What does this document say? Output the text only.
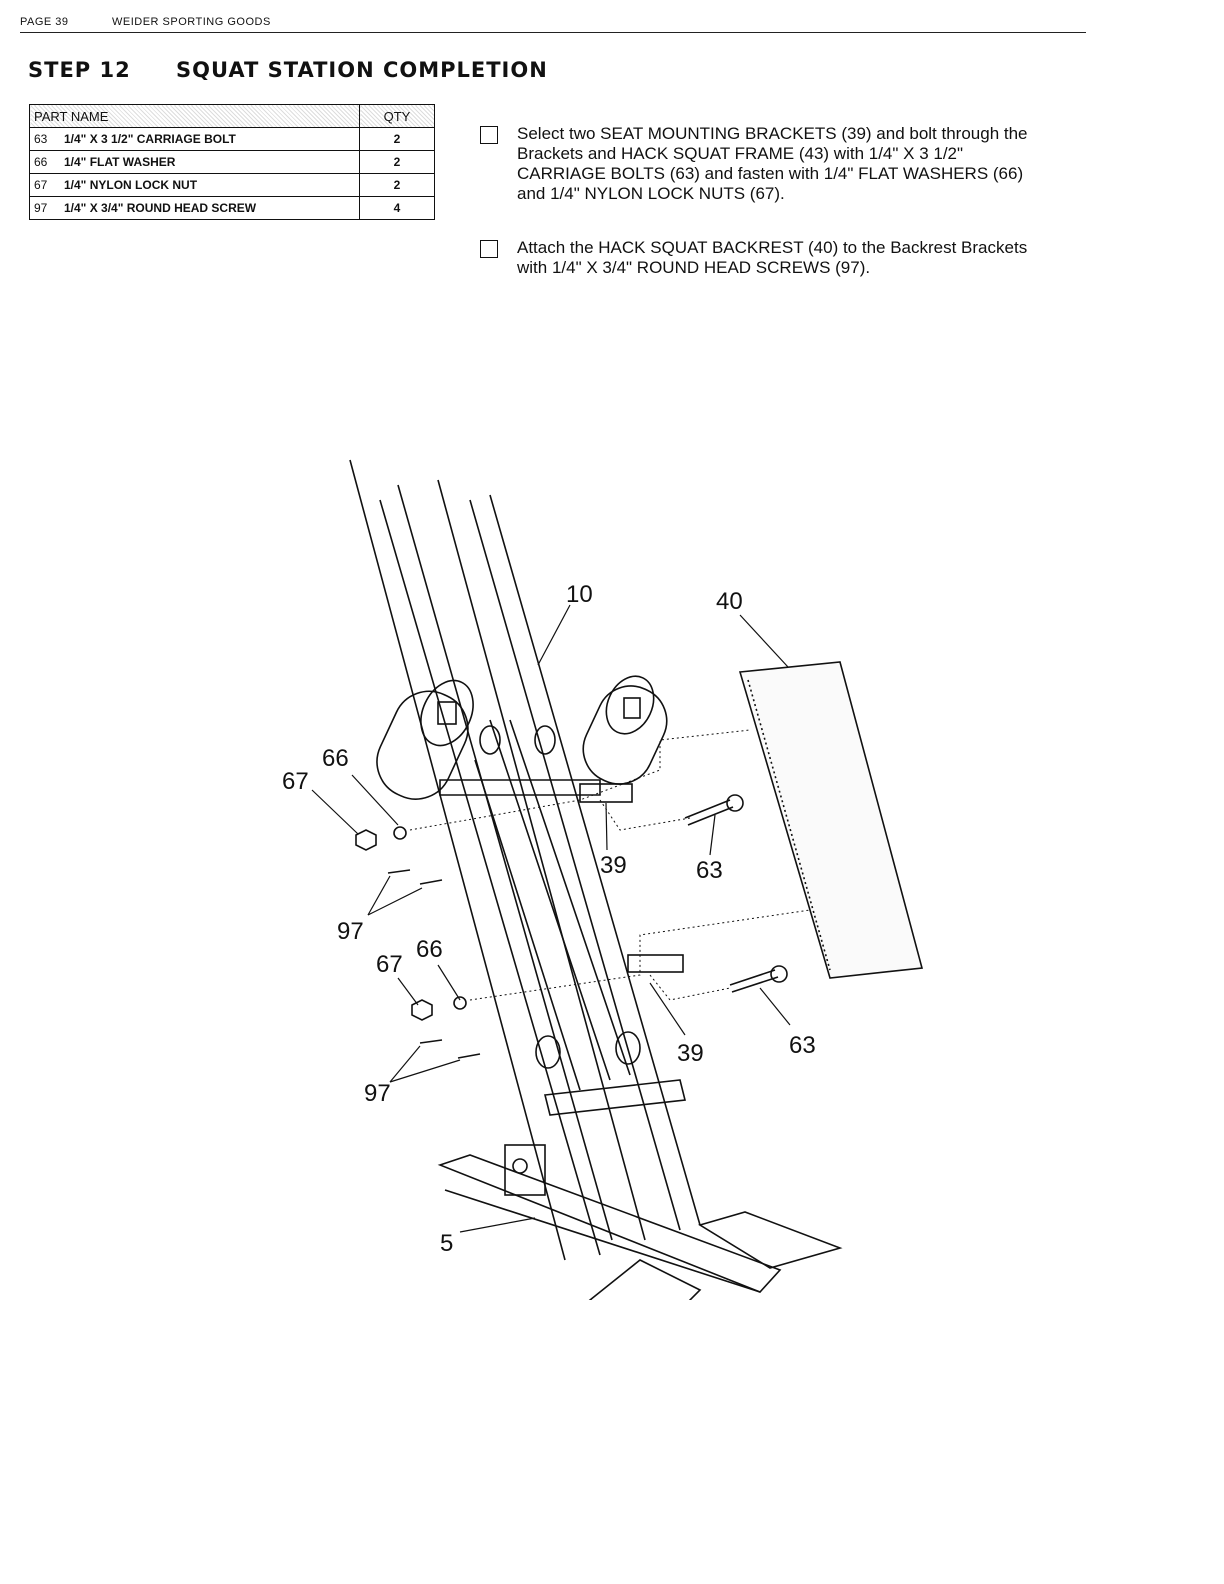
PAGE 39	WEIDER SPORTING GOODS
STEP 12 SQUAT STATION COMPLETION
PART NAME	QTY
63 1/4" X 3 1/2" CARRIAGE BOLT	2
66 1/4" FLAT WASHER	2
67 1/4" NYLON LOCK NUT	2
97 1/4" X 3/4" ROUND HEAD SCREW	4
Select two SEAT MOUNTING BRACKETS (39) and bolt through the Brackets and HACK SQUAT FRAME (43) with 1/4" X 3 1/2" CARRIAGE BOLTS (63) and fasten with 1/4" FLAT WASHERS (66) and 1/4" NYLON LOCK NUTS (67).
Attach the HACK SQUAT BACKREST (40) to the Backrest Brackets with 1/4" X 3/4" ROUND HEAD SCREWS (97).
10	40
66
67
39	63
97
66
67
39	63
97
5
